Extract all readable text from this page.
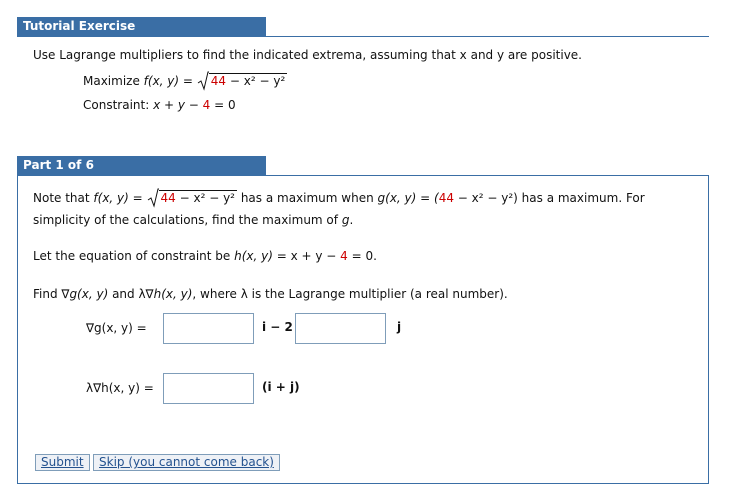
Tutorial Exercise
Use Lagrange multipliers to find the indicated extrema, assuming that x and y are positive.
Maximize f(x, y) =
44 − x² − y²
Constraint: x + y − 4 = 0
Part 1 of 6
Note that f(x, y) =
44 − x² − y² has a maximum when g(x, y) = (44 − x² − y²) has a maximum. For
simplicity of the calculations, find the maximum of g.
Let the equation of constraint be h(x, y) = x + y − 4 = 0.
Find ∇g(x, y) and λ∇h(x, y), where λ is the Lagrange multiplier (a real number).
∇g(x, y) =	i − 2	j
λ∇h(x, y) =	(i + j)
Submit	Skip (you cannot come back)
